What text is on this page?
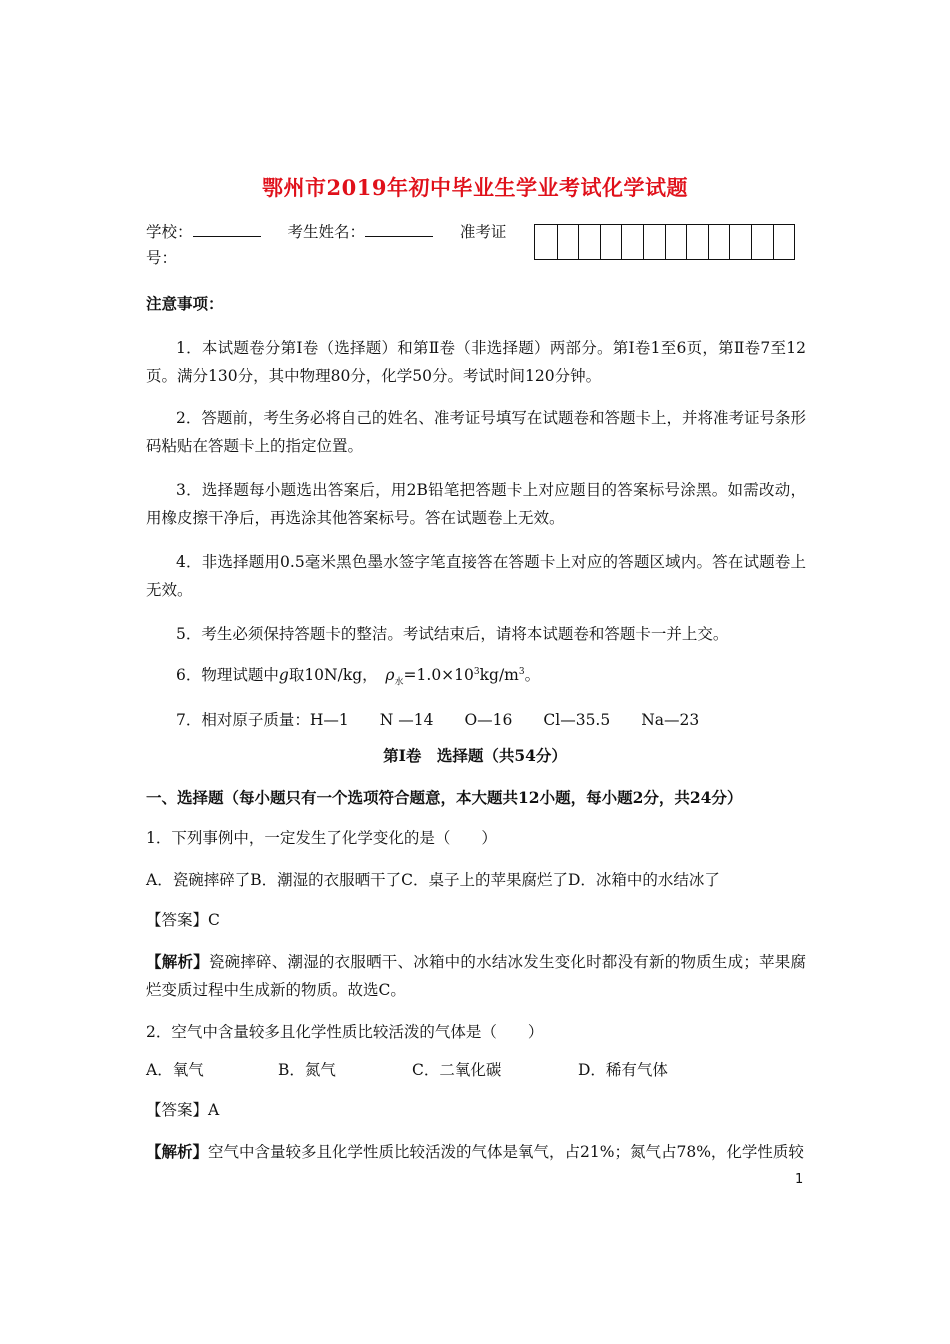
鄂州市2019年初中毕业生学业考试化学试题
学校：	考生姓名：	准考证
号：
注意事项：
1．本试题卷分第Ⅰ卷（选择题）和第Ⅱ卷（非选择题）两部分。第Ⅰ卷1至6页，第Ⅱ卷7至12页。满分130分，其中物理80分，化学50分。考试时间120分钟。
2．答题前，考生务必将自己的姓名、准考证号填写在试题卷和答题卡上，并将准考证号条形码粘贴在答题卡上的指定位置。
3．选择题每小题选出答案后，用2B铅笔把答题卡上对应题目的答案标号涂黑。如需改动，用橡皮擦干净后，再选涂其他答案标号。答在试题卷上无效。
4．非选择题用0.5毫米黑色墨水签字笔直接答在答题卡上对应的答题区域内。答在试题卷上无效。
5．考生必须保持答题卡的整洁。考试结束后，请将本试题卷和答题卡一并上交。
6．物理试题中g取10N/kg，　 $\rho_水=1.0\times 10^3kg/m^3$。
7．相对原子质量：H—1　　N —14　　O—16　　Cl—35.5　　Na—23
第Ⅰ卷　选择题（共54分）
一、选择题（每小题只有一个选项符合题意，本大题共12小题，每小题2分，共24分）
1．下列事例中，一定发生了化学变化的是（　　）
A．瓷碗摔碎了B．潮湿的衣服晒干了C．桌子上的苹果腐烂了D．冰箱中的水结冰了
【答案】C
【解析】瓷碗摔碎、潮湿的衣服晒干、冰箱中的水结冰发生变化时都没有新的物质生成；苹果腐烂变质过程中生成新的物质。故选C。
2．空气中含量较多且化学性质比较活泼的气体是（　　）
A．氧气	B．氮气	C．二氧化碳	D．稀有气体
【答案】A
【解析】空气中含量较多且化学性质比较活泼的气体是氧气，占21%；氮气占78%，化学性质较
1
